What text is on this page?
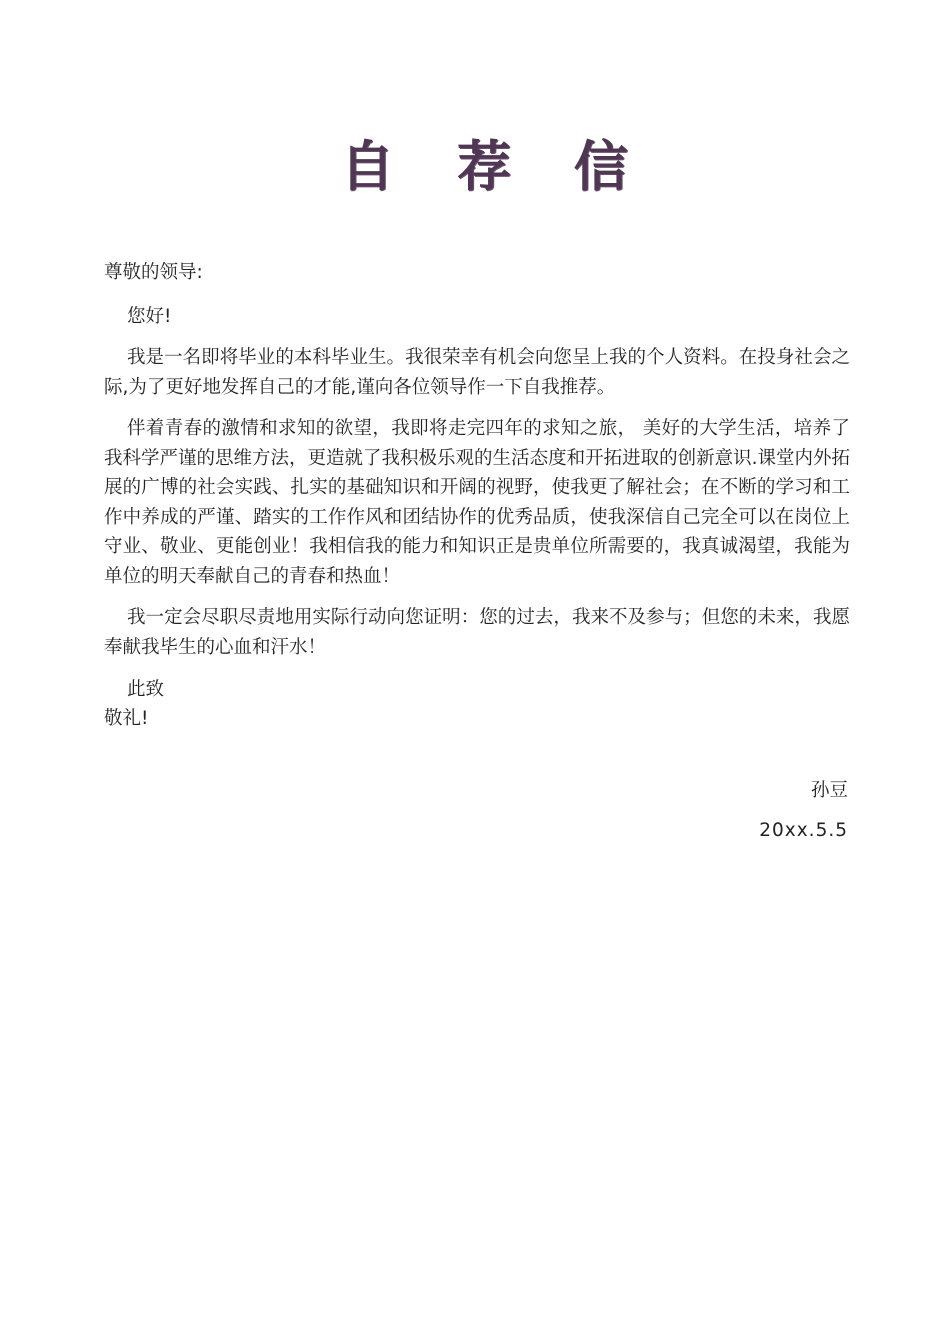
自 荐 信
尊敬的领导:

您好!

我是一名即将毕业的本科毕业生。我很荣幸有机会向您呈上我的个人资料。在投身社会之际,为了更好地发挥自己的才能,谨向各位领导作一下自我推荐。

伴着青春的激情和求知的欲望，我即将走完四年的求知之旅， 美好的大学生活，培养了我科学严谨的思维方法，更造就了我积极乐观的生活态度和开拓进取的创新意识.课堂内外拓展的广博的社会实践、扎实的基础知识和开阔的视野，使我更了解社会；在不断的学习和工作中养成的严谨、踏实的工作作风和团结协作的优秀品质，使我深信自己完全可以在岗位上守业、敬业、更能创业！我相信我的能力和知识正是贵单位所需要的，我真诚渴望，我能为单位的明天奉献自己的青春和热血！

我一定会尽职尽责地用实际行动向您证明：您的过去，我来不及参与；但您的未来，我愿奉献我毕生的心血和汗水！

此致
敬礼!
孙豆
20xx.5.5
